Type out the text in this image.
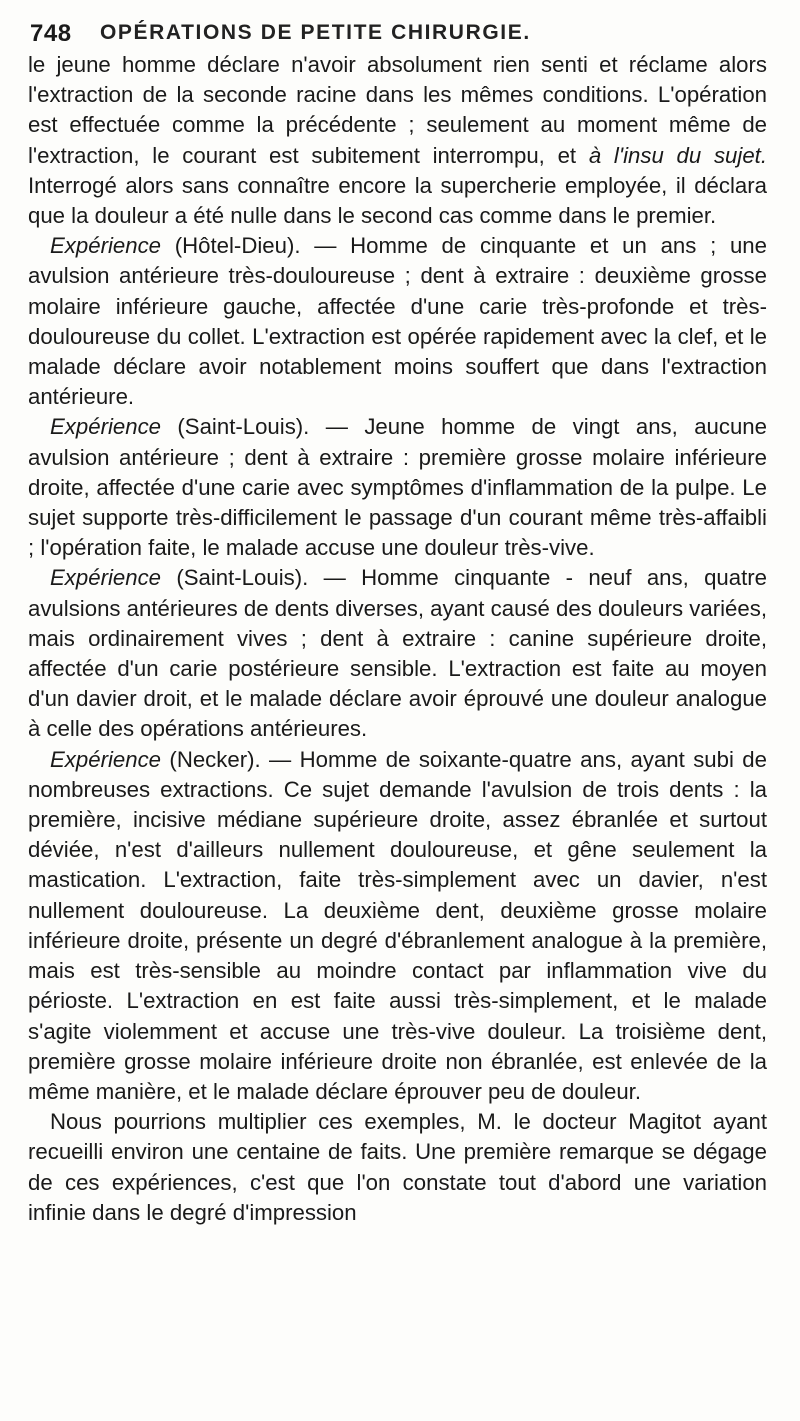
748 OPÉRATIONS DE PETITE CHIRURGIE.

le jeune homme déclare n'avoir absolument rien senti et réclame alors l'extraction de la seconde racine dans les mêmes conditions. L'opération est effectuée comme la précédente ; seulement au moment même de l'extraction, le courant est subitement interrompu, et à l'insu du sujet. Interrogé alors sans connaître encore la supercherie employée, il déclara que la douleur a été nulle dans le second cas comme dans le premier.

Expérience (Hôtel-Dieu). — Homme de cinquante et un ans ; une avulsion antérieure très-douloureuse ; dent à extraire : deuxième grosse molaire inférieure gauche, affectée d'une carie très-profonde et très-douloureuse du collet. L'extraction est opérée rapidement avec la clef, et le malade déclare avoir notablement moins souffert que dans l'extraction antérieure.

Expérience (Saint-Louis). — Jeune homme de vingt ans, aucune avulsion antérieure ; dent à extraire : première grosse molaire inférieure droite, affectée d'une carie avec symptômes d'inflammation de la pulpe. Le sujet supporte très-difficilement le passage d'un courant même très-affaibli ; l'opération faite, le malade accuse une douleur très-vive.

Expérience (Saint-Louis). — Homme cinquante - neuf ans, quatre avulsions antérieures de dents diverses, ayant causé des douleurs variées, mais ordinairement vives ; dent à extraire : canine supérieure droite, affectée d'un carie postérieure sensible. L'extraction est faite au moyen d'un davier droit, et le malade déclare avoir éprouvé une douleur analogue à celle des opérations antérieures.

Expérience (Necker). — Homme de soixante-quatre ans, ayant subi de nombreuses extractions. Ce sujet demande l'avulsion de trois dents : la première, incisive médiane supérieure droite, assez ébranlée et surtout déviée, n'est d'ailleurs nullement douloureuse, et gêne seulement la mastication. L'extraction, faite très-simplement avec un davier, n'est nullement douloureuse. La deuxième dent, deuxième grosse molaire inférieure droite, présente un degré d'ébranlement analogue à la première, mais est très-sensible au moindre contact par inflammation vive du périoste. L'extraction en est faite aussi très-simplement, et le malade s'agite violemment et accuse une très-vive douleur. La troisième dent, première grosse molaire inférieure droite non ébranlée, est enlevée de la même manière, et le malade déclare éprouver peu de douleur.

Nous pourrions multiplier ces exemples, M. le docteur Magitot ayant recueilli environ une centaine de faits. Une première remarque se dégage de ces expériences, c'est que l'on constate tout d'abord une variation infinie dans le degré d'impression
